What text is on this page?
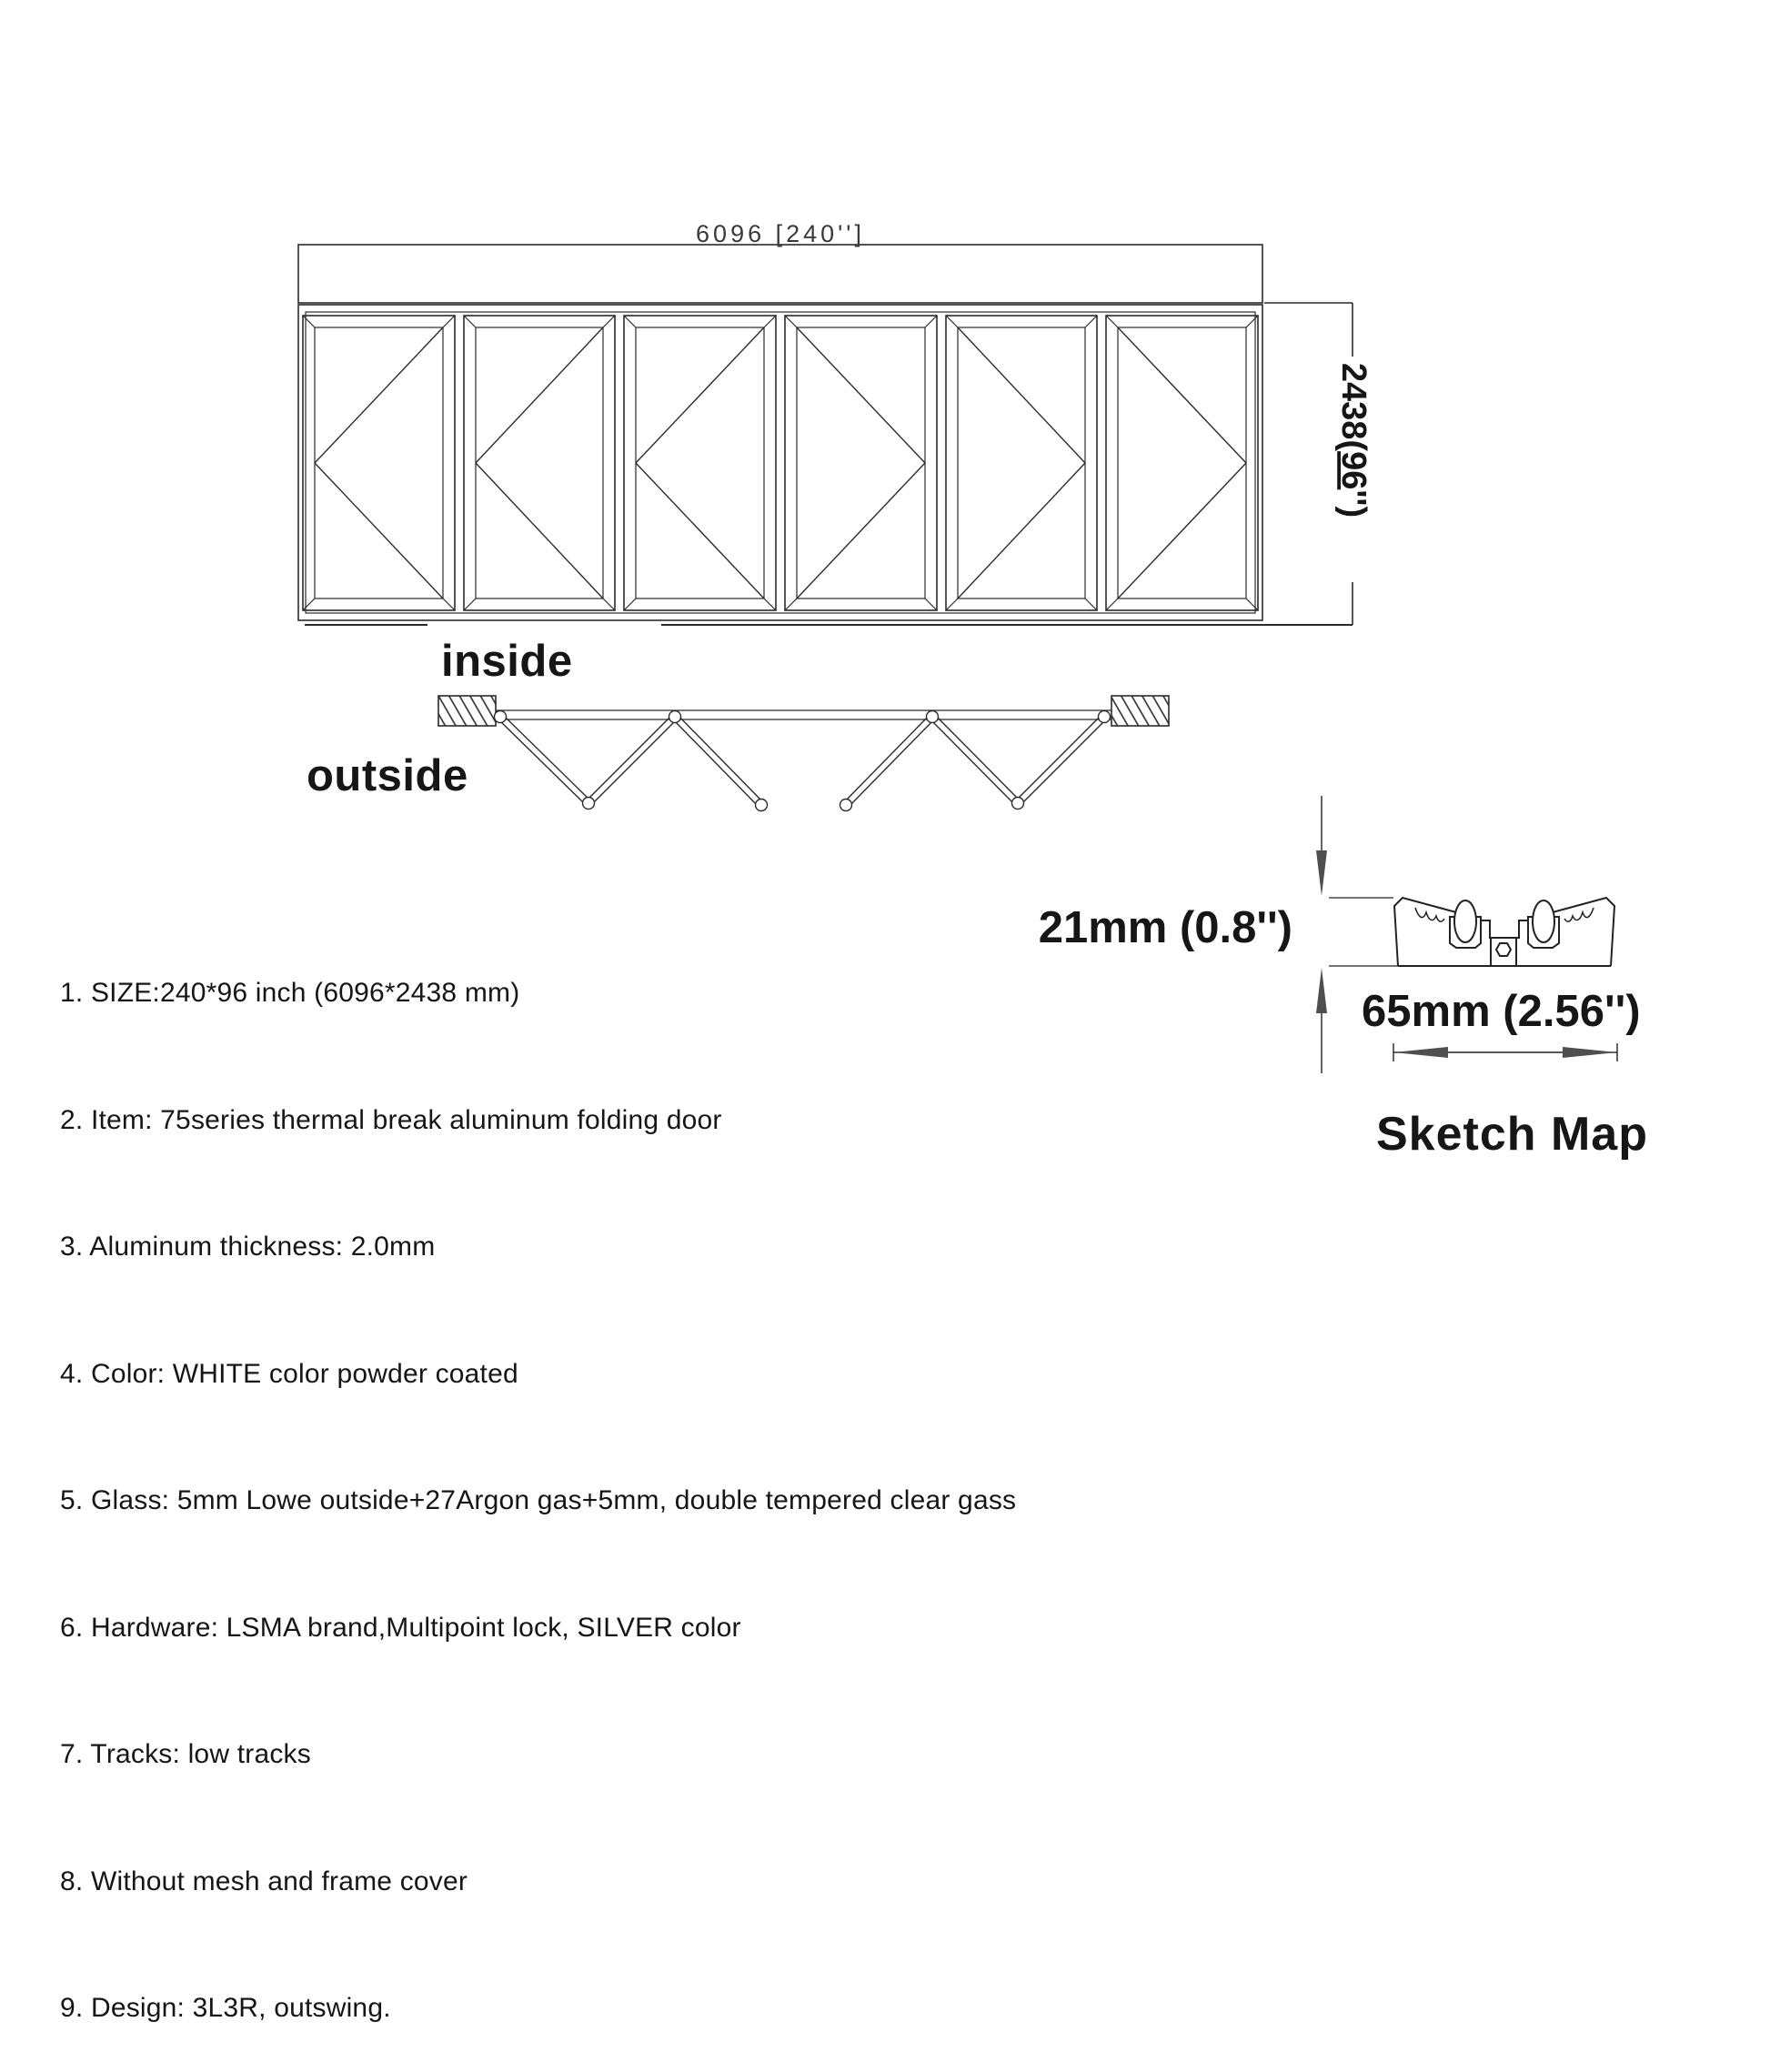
6096 [240'']
2438(96'')
inside
outside
21mm (0.8'')
65mm (2.56'')
Sketch Map

1. SIZE:240*96 inch (6096*2438 mm)

2. Item: 75series thermal break aluminum folding door

3. Aluminum thickness: 2.0mm

4. Color: WHITE color powder coated

5. Glass: 5mm Lowe outside+27Argon gas+5mm, double tempered clear gass

6. Hardware: LSMA brand,Multipoint lock, SILVER color

7. Tracks: low tracks

8. Without mesh and frame cover

9. Design: 3L3R, outswing.
